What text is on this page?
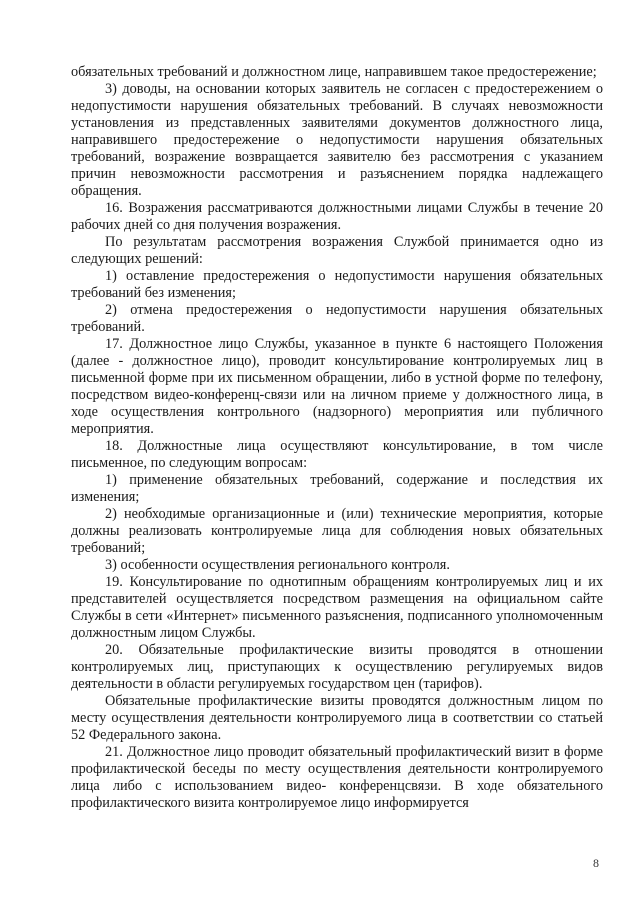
обязательных требований и должностном лице, направившем такое предостережение;

3) доводы, на основании которых заявитель не согласен с предостережением о недопустимости нарушения обязательных требований. В случаях невозможности установления из представленных заявителями документов должностного лица, направившего предостережение о недопустимости нарушения обязательных требований, возражение возвращается заявителю без рассмотрения с указанием причин невозможности рассмотрения и разъяснением порядка надлежащего обращения.

16. Возражения рассматриваются должностными лицами Службы в течение 20 рабочих дней со дня получения возражения.

По результатам рассмотрения возражения Службой принимается одно из следующих решений:

1) оставление предостережения о недопустимости нарушения обязательных требований без изменения;

2) отмена предостережения о недопустимости нарушения обязательных требований.

17. Должностное лицо Службы, указанное в пункте 6 настоящего Положения (далее - должностное лицо), проводит консультирование контролируемых лиц в письменной форме при их письменном обращении, либо в устной форме по телефону, посредством видео-конференц-связи или на личном приеме у должностного лица, в ходе осуществления контрольного (надзорного) мероприятия или публичного мероприятия.

18. Должностные лица осуществляют консультирование, в том числе письменное, по следующим вопросам:

1) применение обязательных требований, содержание и последствия их изменения;

2) необходимые организационные и (или) технические мероприятия, которые должны реализовать контролируемые лица для соблюдения новых обязательных требований;

3) особенности осуществления регионального контроля.

19. Консультирование по однотипным обращениям контролируемых лиц и их представителей осуществляется посредством размещения на официальном сайте Службы в сети «Интернет» письменного разъяснения, подписанного уполномоченным должностным лицом Службы.

20. Обязательные профилактические визиты проводятся в отношении контролируемых лиц, приступающих к осуществлению регулируемых видов деятельности в области регулируемых государством цен (тарифов).

Обязательные профилактические визиты проводятся должностным лицом по месту осуществления деятельности контролируемого лица в соответствии со статьей 52 Федерального закона.

21. Должностное лицо проводит обязательный профилактический визит в форме профилактической беседы по месту осуществления деятельности контролируемого лица либо с использованием видео- конференцсвязи. В ходе обязательного профилактического визита контролируемое лицо информируется

8
